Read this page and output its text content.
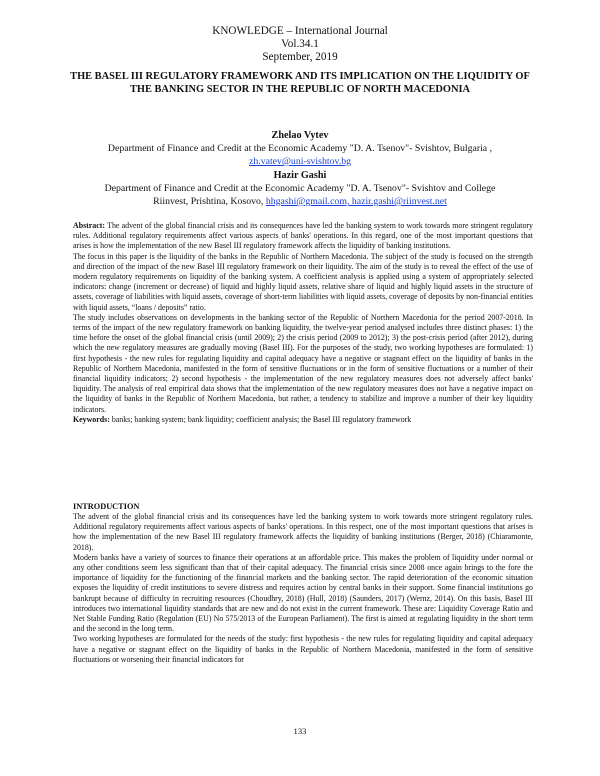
KNOWLEDGE – International Journal
Vol.34.1
September, 2019
THE BASEL III REGULATORY FRAMEWORK AND ITS IMPLICATION ON THE LIQUIDITY OF THE BANKING SECTOR IN THE REPUBLIC OF NORTH MACEDONIA
Zhelao Vytev
Department of Finance and Credit at the Economic Academy "D. A. Tsenov"- Svishtov, Bulgaria ,
zh.vatev@uni-svishtov.bg
Hazir Gashi
Department of Finance and Credit at the Economic Academy "D. A. Tsenov"- Svishtov and College
Riinvest, Prishtina, Kosovo, hhgashi@gmail.com, hazir.gashi@riinvest.net

Abstract: The advent of the global financial crisis and its consequences have led the banking system to work towards more stringent regulatory rules. Additional regulatory requirements affect various aspects of banks' operations. In this regard, one of the most important questions that arises is how the implementation of the new Basel III regulatory framework affects the liquidity of banking institutions.

The focus in this paper is the liquidity of the banks in the Republic of Northern Macedonia. The subject of the study is focused on the strength and direction of the impact of the new Basel III regulatory framework on their liquidity. The aim of the study is to reveal the effect of the use of modern regulatory requirements on liquidity of the banking system. A coefficient analysis is applied using a system of appropriately selected indicators: change (increment or decrease) of liquid and highly liquid assets, relative share of liquid and highly liquid assets in the structure of assets, coverage of liabilities with liquid assets, coverage of short-term liabilities with liquid assets, coverage of deposits by non-financial entities with liquid assets, “loans / deposits” ratio.

The study includes observations on developments in the banking sector of the Republic of Northern Macedonia for the period 2007-2018. In terms of the impact of the new regulatory framework on banking liquidity, the twelve-year period analysed includes three distinct phases: 1) the time before the onset of the global financial crisis (until 2009); 2) the crisis period (2009 to 2012); 3) the post-crisis period (after 2012), during which the new regulatory measures are gradually moving (Basel III). For the purposes of the study, two working hypotheses are formulated: 1) first hypothesis - the new rules for regulating liquidity and capital adequacy have a negative or stagnant effect on the liquidity of banks in the Republic of Northern Macedonia, manifested in the form of sensitive fluctuations or in the form of sensitive fluctuations or a number of their financial liquidity indicators; 2) second hypothesis - the implementation of the new regulatory measures does not adversely affect banks' liquidity. The analysis of real empirical data shows that the implementation of the new regulatory measures does not have a negative impact on the liquidity of banks in the Republic of Northern Macedonia, but rather, a tendency to stabilize and improve a number of their key liquidity indicators.

Keywords: banks; banking system; bank liquidity; coefficient analysis; the Basel III regulatory framework

INTRODUCTION

The advent of the global financial crisis and its consequences have led the banking system to work towards more stringent regulatory rules. Additional regulatory requirements affect various aspects of banks' operations. In this respect, one of the most important questions that arises is how the implementation of the new Basel III regulatory framework affects the liquidity of banking institutions (Berger, 2018) (Chiaramonte, 2018).

Modern banks have a variety of sources to finance their operations at an affordable price. This makes the problem of liquidity under normal or any other conditions seem less significant than that of their capital adequacy. The financial crisis since 2008 once again brings to the fore the importance of liquidity for the functioning of the financial markets and the banking sector. The rapid deterioration of the economic situation exposes the liquidity of credit institutions to severe distress and requires action by central banks in their support. Some financial institutions go bankrupt because of difficulty in recruiting resources (Choudhry, 2018) (Hull, 2018) (Saunders, 2017) (Wernz, 2014). On this basis, Basel III introduces two international liquidity standards that are new and do not exist in the current framework. These are: Liquidity Coverage Ratio and Net Stable Funding Ratio (Regulation (EU) No 575/2013 of the European Parliament). The first is aimed at regulating liquidity in the short term and the second in the long term.

Two working hypotheses are formulated for the needs of the study: first hypothesis - the new rules for regulating liquidity and capital adequacy have a negative or stagnant effect on the liquidity of banks in the Republic of Northern Macedonia, manifested in the form of sensitive fluctuations or worsening their financial indicators for

133
